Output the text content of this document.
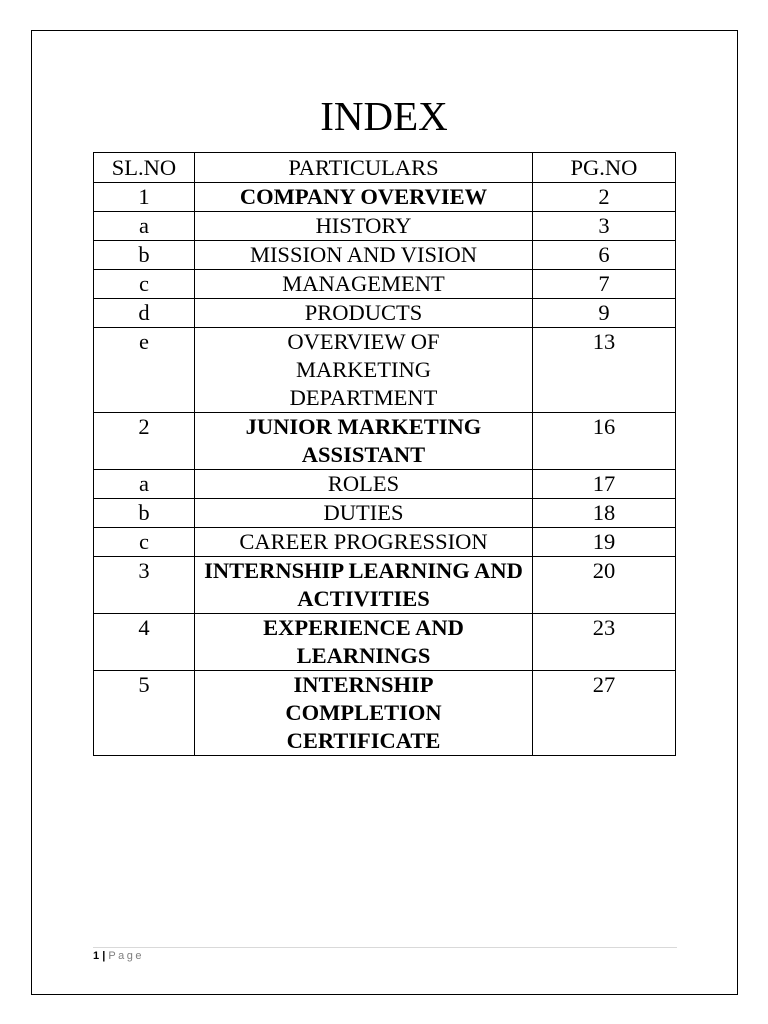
INDEX
SL.NO	PARTICULARS	PG.NO
1	COMPANY OVERVIEW	2
a	HISTORY	3
b	MISSION AND VISION	6
c	MANAGEMENT	7
d	PRODUCTS	9
e	OVERVIEW OF MARKETING DEPARTMENT	13
2	JUNIOR MARKETING ASSISTANT	16
a	ROLES	17
b	DUTIES	18
c	CAREER PROGRESSION	19
3	INTERNSHIP LEARNING AND ACTIVITIES	20
4	EXPERIENCE AND LEARNINGS	23
5	INTERNSHIP COMPLETION CERTIFICATE	27
1 | Page
